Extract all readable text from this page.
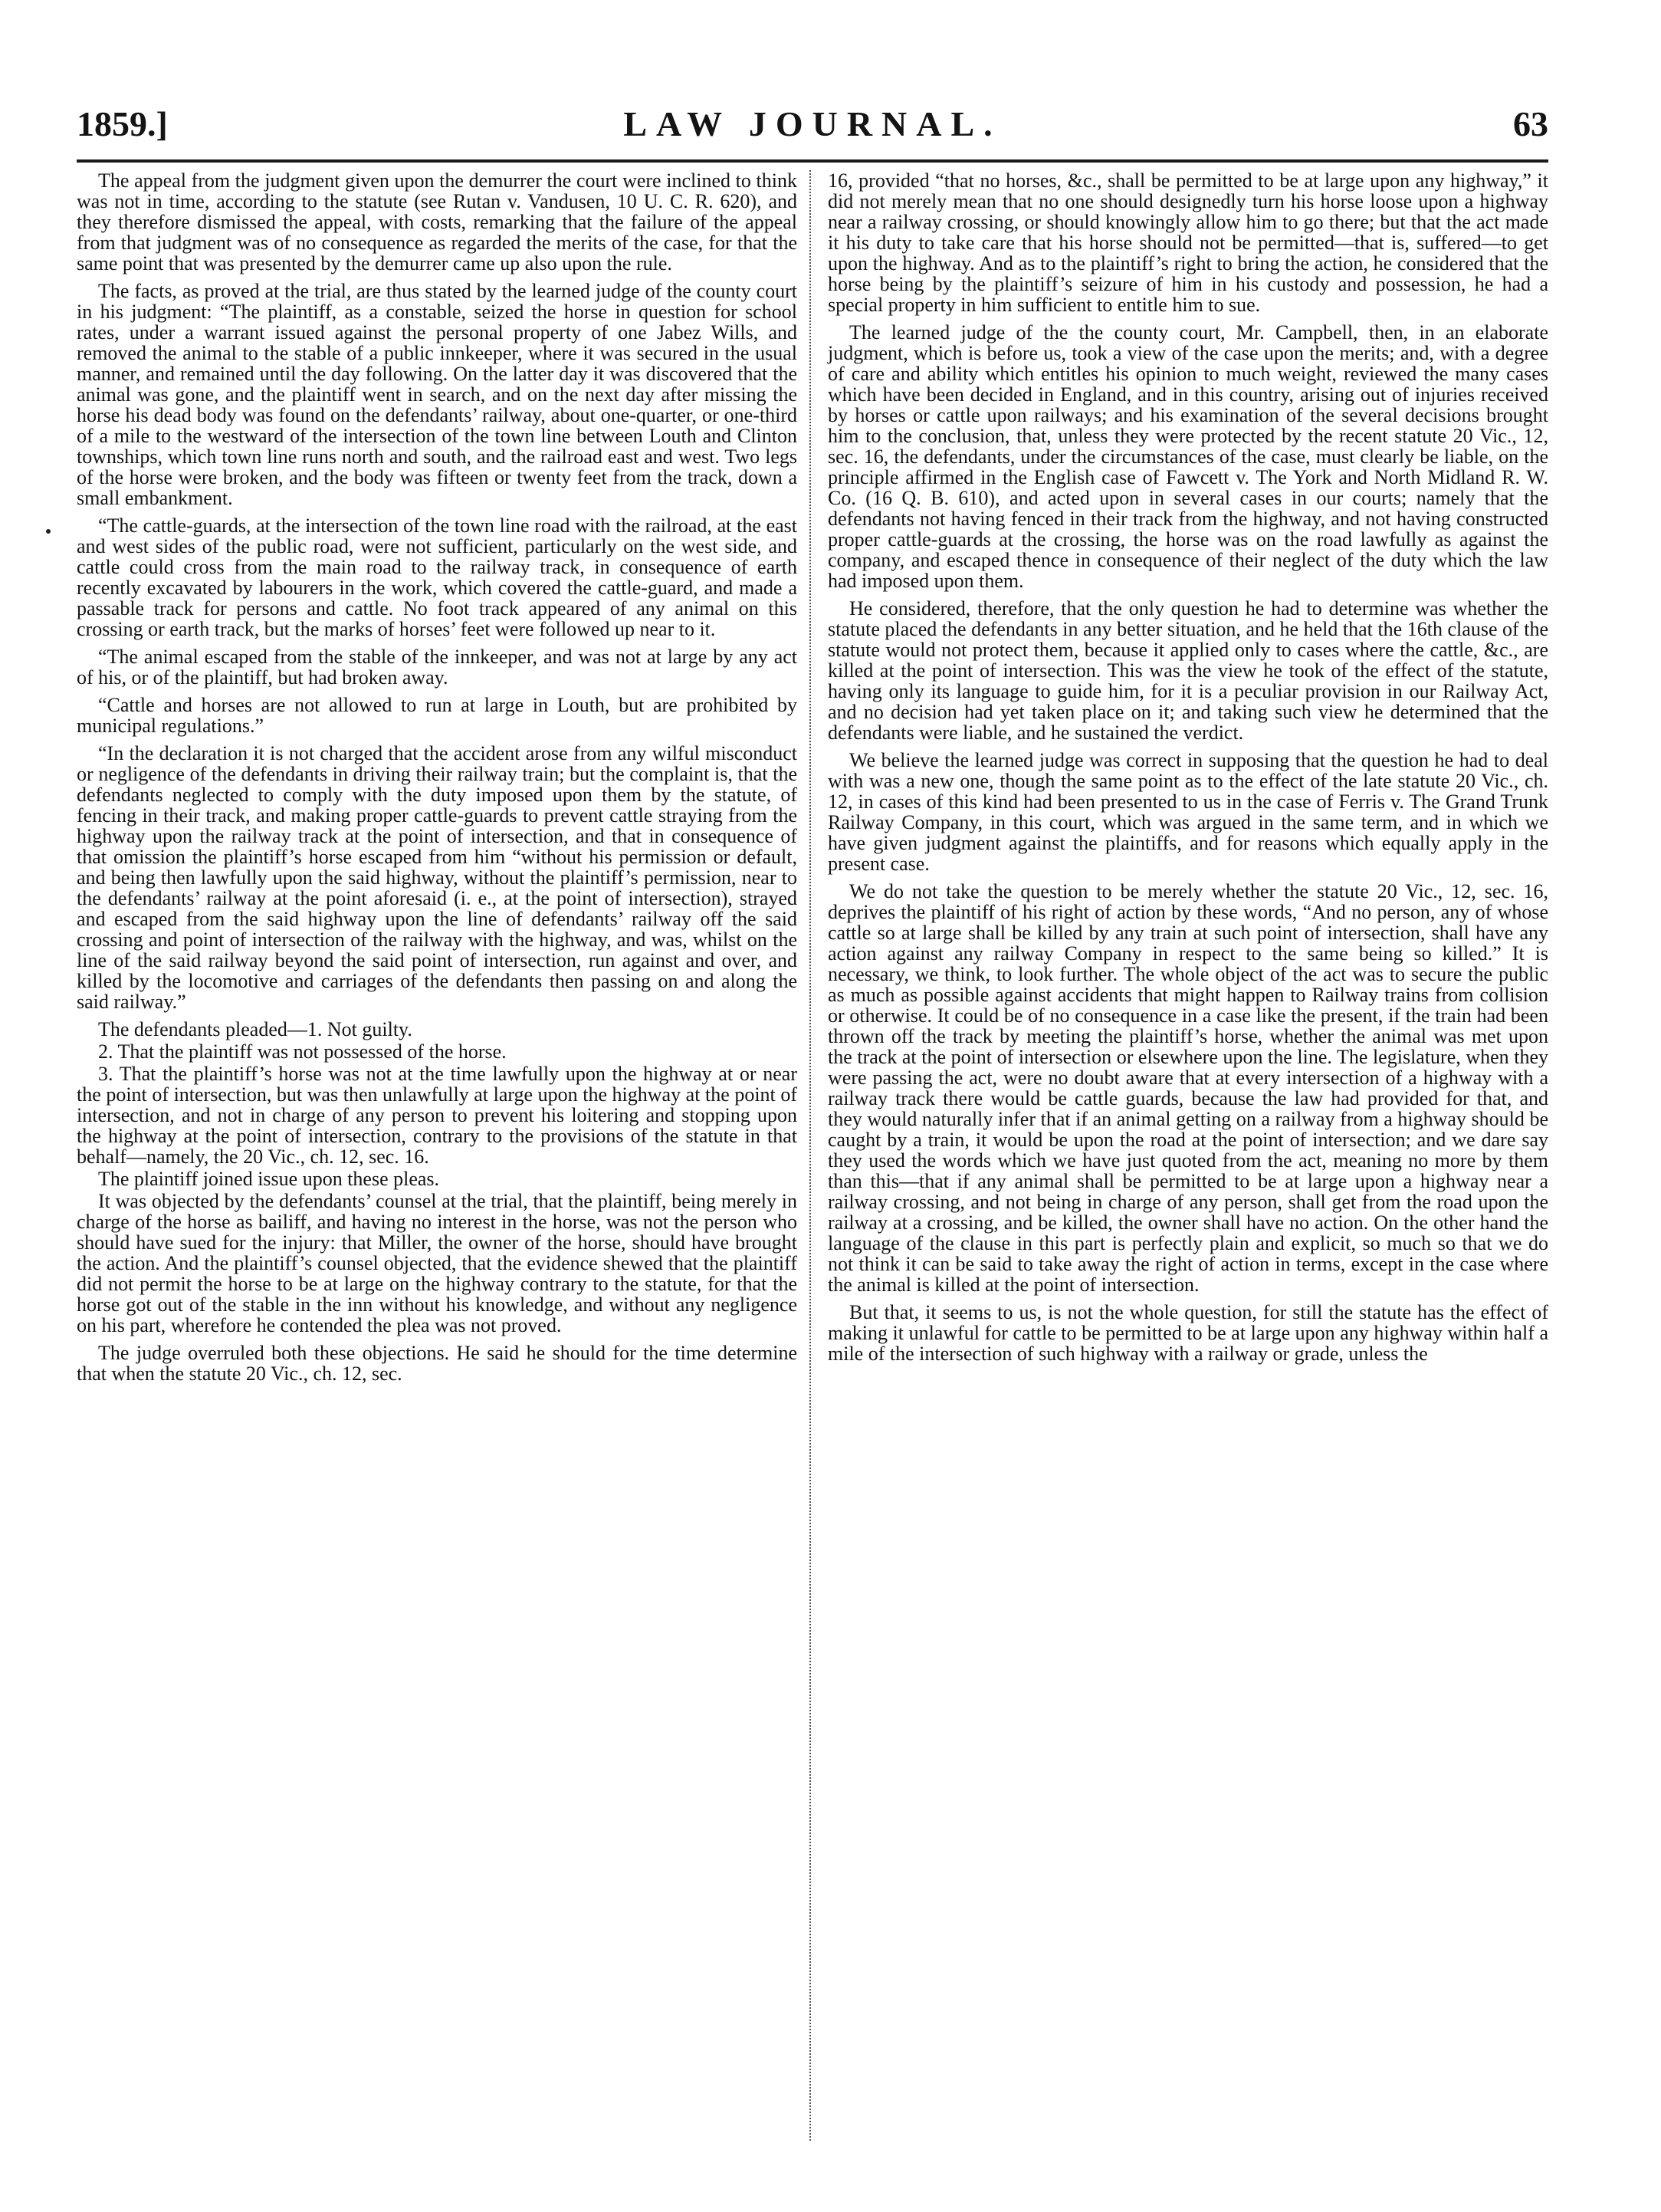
1859.]	LAW JOURNAL.	63

The appeal from the judgment given upon the demurrer the court were inclined to think was not in time, according to the statute (see Rutan v. Vandusen, 10 U. C. R. 620), and they therefore dismissed the appeal, with costs, remarking that the failure of the appeal from that judgment was of no consequence as regarded the merits of the case, for that the same point that was presented by the demurrer came up also upon the rule.

The facts, as proved at the trial, are thus stated by the learned judge of the county court in his judgment: “The plaintiff, as a constable, seized the horse in question for school rates, under a warrant issued against the personal property of one Jabez Wills, and removed the animal to the stable of a public innkeeper, where it was secured in the usual manner, and remained until the day following. On the latter day it was discovered that the animal was gone, and the plaintiff went in search, and on the next day after missing the horse his dead body was found on the defendants’ railway, about one-quarter, or one-third of a mile to the westward of the intersection of the town line between Louth and Clinton townships, which town line runs north and south, and the railroad east and west. Two legs of the horse were broken, and the body was fifteen or twenty feet from the track, down a small embankment.

“The cattle-guards, at the intersection of the town line road with the railroad, at the east and west sides of the public road, were not sufficient, particularly on the west side, and cattle could cross from the main road to the railway track, in consequence of earth recently excavated by labourers in the work, which covered the cattle-guard, and made a passable track for persons and cattle. No foot track appeared of any animal on this crossing or earth track, but the marks of horses’ feet were followed up near to it.

“The animal escaped from the stable of the innkeeper, and was not at large by any act of his, or of the plaintiff, but had broken away.

“Cattle and horses are not allowed to run at large in Louth, but are prohibited by municipal regulations.”

“In the declaration it is not charged that the accident arose from any wilful misconduct or negligence of the defendants in driving their railway train; but the complaint is, that the defendants neglected to comply with the duty imposed upon them by the statute, of fencing in their track, and making proper cattle-guards to prevent cattle straying from the highway upon the railway track at the point of intersection, and that in consequence of that omission the plaintiff’s horse escaped from him “without his permission or default, and being then lawfully upon the said highway, without the plaintiff’s permission, near to the defendants’ railway at the point aforesaid (i. e., at the point of intersection), strayed and escaped from the said highway upon the line of defendants’ railway off the said crossing and point of intersection of the railway with the highway, and was, whilst on the line of the said railway beyond the said point of intersection, run against and over, and killed by the locomotive and carriages of the defendants then passing on and along the said railway.”

The defendants pleaded—1. Not guilty.

2. That the plaintiff was not possessed of the horse.

3. That the plaintiff’s horse was not at the time lawfully upon the highway at or near the point of intersection, but was then unlawfully at large upon the highway at the point of intersection, and not in charge of any person to prevent his loitering and stopping upon the highway at the point of intersection, contrary to the provisions of the statute in that behalf—namely, the 20 Vic., ch. 12, sec. 16.

The plaintiff joined issue upon these pleas.

It was objected by the defendants’ counsel at the trial, that the plaintiff, being merely in charge of the horse as bailiff, and having no interest in the horse, was not the person who should have sued for the injury: that Miller, the owner of the horse, should have brought the action. And the plaintiff’s counsel objected, that the evidence shewed that the plaintiff did not permit the horse to be at large on the highway contrary to the statute, for that the horse got out of the stable in the inn without his knowledge, and without any negligence on his part, wherefore he contended the plea was not proved.

The judge overruled both these objections. He said he should for the time determine that when the statute 20 Vic., ch. 12, sec.

16, provided “that no horses, &c., shall be permitted to be at large upon any highway,” it did not merely mean that no one should designedly turn his horse loose upon a highway near a railway crossing, or should knowingly allow him to go there; but that the act made it his duty to take care that his horse should not be permitted—that is, suffered—to get upon the highway. And as to the plaintiff’s right to bring the action, he considered that the horse being by the plaintiff’s seizure of him in his custody and possession, he had a special property in him sufficient to entitle him to sue.

The learned judge of the the county court, Mr. Campbell, then, in an elaborate judgment, which is before us, took a view of the case upon the merits; and, with a degree of care and ability which entitles his opinion to much weight, reviewed the many cases which have been decided in England, and in this country, arising out of injuries received by horses or cattle upon railways; and his examination of the several decisions brought him to the conclusion, that, unless they were protected by the recent statute 20 Vic., 12, sec. 16, the defendants, under the circumstances of the case, must clearly be liable, on the principle affirmed in the English case of Fawcett v. The York and North Midland R. W. Co. (16 Q. B. 610), and acted upon in several cases in our courts; namely that the defendants not having fenced in their track from the highway, and not having constructed proper cattle-guards at the crossing, the horse was on the road lawfully as against the company, and escaped thence in consequence of their neglect of the duty which the law had imposed upon them.

He considered, therefore, that the only question he had to determine was whether the statute placed the defendants in any better situation, and he held that the 16th clause of the statute would not protect them, because it applied only to cases where the cattle, &c., are killed at the point of intersection. This was the view he took of the effect of the statute, having only its language to guide him, for it is a peculiar provision in our Railway Act, and no decision had yet taken place on it; and taking such view he determined that the defendants were liable, and he sustained the verdict.

We believe the learned judge was correct in supposing that the question he had to deal with was a new one, though the same point as to the effect of the late statute 20 Vic., ch. 12, in cases of this kind had been presented to us in the case of Ferris v. The Grand Trunk Railway Company, in this court, which was argued in the same term, and in which we have given judgment against the plaintiffs, and for reasons which equally apply in the present case.

We do not take the question to be merely whether the statute 20 Vic., 12, sec. 16, deprives the plaintiff of his right of action by these words, “And no person, any of whose cattle so at large shall be killed by any train at such point of intersection, shall have any action against any railway Company in respect to the same being so killed.” It is necessary, we think, to look further. The whole object of the act was to secure the public as much as possible against accidents that might happen to Railway trains from collision or otherwise. It could be of no consequence in a case like the present, if the train had been thrown off the track by meeting the plaintiff’s horse, whether the animal was met upon the track at the point of intersection or elsewhere upon the line. The legislature, when they were passing the act, were no doubt aware that at every intersection of a highway with a railway track there would be cattle guards, because the law had provided for that, and they would naturally infer that if an animal getting on a railway from a highway should be caught by a train, it would be upon the road at the point of intersection; and we dare say they used the words which we have just quoted from the act, meaning no more by them than this—that if any animal shall be permitted to be at large upon a highway near a railway crossing, and not being in charge of any person, shall get from the road upon the railway at a crossing, and be killed, the owner shall have no action. On the other hand the language of the clause in this part is perfectly plain and explicit, so much so that we do not think it can be said to take away the right of action in terms, except in the case where the animal is killed at the point of intersection.

But that, it seems to us, is not the whole question, for still the statute has the effect of making it unlawful for cattle to be permitted to be at large upon any highway within half a mile of the intersection of such highway with a railway or grade, unless the
